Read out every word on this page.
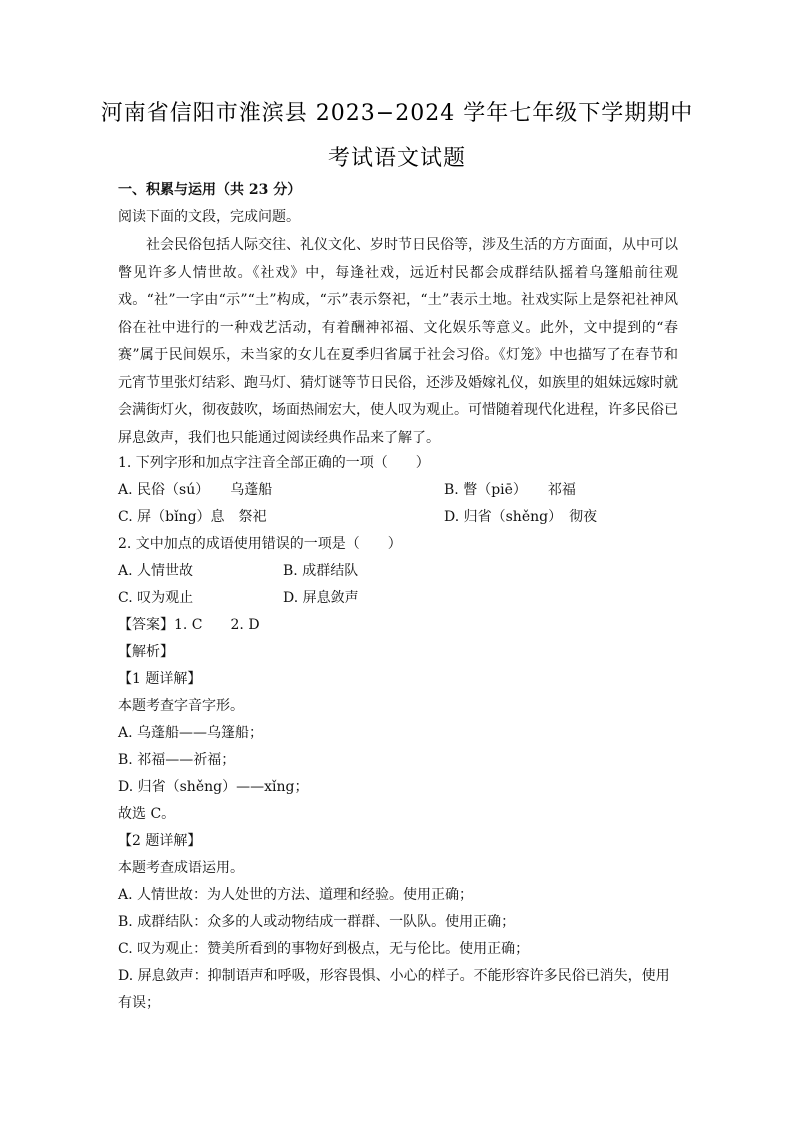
河南省信阳市淮滨县 2023−2024 学年七年级下学期期中
考试语文试题
一、积累与运用（共 23 分）
阅读下面的文段，完成问题。

社会民俗包括人际交往、礼仪文化、岁时节日民俗等，涉及生活的方方面面，从中可以瞥见许多人情世故。《社戏》中，每逢社戏，远近村民都会成群结队摇着乌篷船前往观戏。“社”一字由“示”“土”构成，“示”表示祭祀，“土”表示土地。社戏实际上是祭祀社神风俗在社中进行的一种戏艺活动，有着酬神祁福、文化娱乐等意义。此外，文中提到的“春赛”属于民间娱乐，未当家的女儿在夏季归省属于社会习俗。《灯笼》中也描写了在春节和元宵节里张灯结彩、跑马灯、猜灯谜等节日民俗，还涉及婚嫁礼仪，如族里的姐妹远嫁时就会满街灯火，彻夜鼓吹，场面热闹宏大，使人叹为观止。可惜随着现代化进程，许多民俗已屏息敛声，我们也只能通过阅读经典作品来了解了。

1. 下列字形和加点字注音全部正确的一项（　　）
A. 民俗（sú）　　乌蓬船	B. 瞥（piē）　　祁福
C. 屏（bǐng）息　祭祀	D. 归省（shěng）　彻夜
2. 文中加点的成语使用错误的一项是（　　）
A. 人情世故	B. 成群结队
C. 叹为观止	D. 屏息敛声
【答案】1. C　　2. D
【解析】
【1 题详解】
本题考查字音字形。
A. 乌蓬船——乌篷船；
B. 祁福——祈福；
D. 归省（shěng）——xǐng；
故选 C。
【2 题详解】
本题考查成语运用。
A. 人情世故：为人处世的方法、道理和经验。使用正确；
B. 成群结队：众多的人或动物结成一群群、一队队。使用正确；
C. 叹为观止：赞美所看到的事物好到极点，无与伦比。使用正确；
D. 屏息敛声：抑制语声和呼吸，形容畏惧、小心的样子。不能形容许多民俗已消失，使用
有误；
